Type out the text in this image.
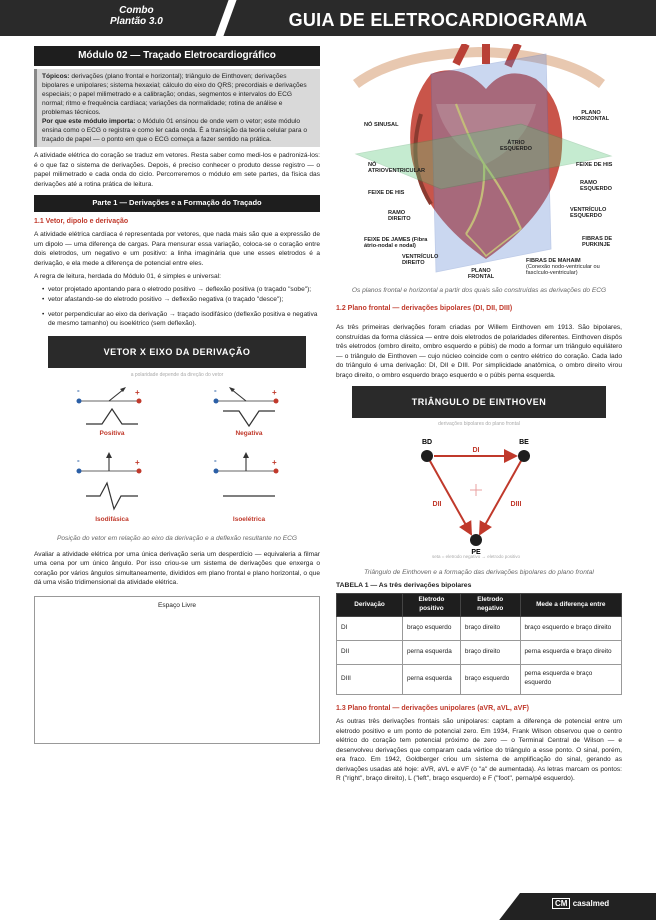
Combo
Plantão 3.0	GUIA DE ELETROCARDIOGRAMA
Módulo 02 — Traçado Eletrocardiográfico
Tópicos: derivações (plano frontal e horizontal); triângulo de Einthoven; derivações bipolares e unipolares; sistema hexaxial; cálculo do eixo do QRS; precordiais e derivações especiais; o papel milimetrado e a calibração; ondas, segmentos e intervalos do ECG normal; ritmo e frequência cardíaca; variações da normalidade; rotina de análise e problemas técnicos.
Por que este módulo importa: o Módulo 01 ensinou de onde vem o vetor; este módulo ensina como o ECG o registra e como ler cada onda. É a transição da teoria celular para o traçado de papel — o ponto em que o ECG começa a fazer sentido na prática.

A atividade elétrica do coração se traduz em vetores. Resta saber como medi-los e padronizá-los: é o que faz o sistema de derivações. Depois, é preciso conhecer o produto desse registro — o papel milimetrado e cada onda do ciclo. Percorreremos o módulo em sete partes, da física das derivações até a rotina prática de leitura.

Parte 1 — Derivações e a Formação do Traçado
1.1 Vetor, dipolo e derivação

A atividade elétrica cardíaca é representada por vetores, que nada mais são que a expressão de um dipolo — uma diferença de cargas. Para mensurar essa variação, coloca-se o coração entre dois eletrodos, um negativo e um positivo: a linha imaginária que une esses eletrodos é a derivação, e ela mede a diferença de potencial entre eles.

A regra de leitura, herdada do Módulo 01, é simples e universal:

• vetor projetado apontando para o eletrodo positivo → deflexão positiva (o traçado "sobe");
• vetor afastando-se do eletrodo positivo → deflexão negativa (o traçado "desce");
• vetor perpendicular ao eixo da derivação → traçado isodifásico (deflexão positiva e negativa de mesmo tamanho) ou isoelétrico (sem deflexão).
VETOR X EIXO DA DERIVAÇÃO
a polaridade depende da direção do vetor
-	+
Positiva
-	+
Negativa
-	+
Isodifásica
-	+
Isoelétrica
Posição do vetor em relação ao eixo da derivação e a deflexão resultante no ECG

Avaliar a atividade elétrica por uma única derivação seria um desperdício — equivaleria a filmar uma cena por um único ângulo. Por isso criou-se um sistema de derivações que enxerga o coração por vários ângulos simultaneamente, divididos em plano frontal e plano horizontal, o que dá uma visão tridimensional da atividade elétrica.

Espaço Livre
NÓ SINUSAL
PLANO HORIZONTAL
ÁTRIO ESQUERDO
NÓ ATRIOVENTRICULAR
FEIXE DE HIS
FEIXE DE HIS
RAMO ESQUERDO
RAMO DIREITO
VENTRÍCULO ESQUERDO
FEIXE DE JAMES (Fibra átrio-nodal e nodal)
VENTRÍCULO DIREITO
FIBRAS DE PURKINJE
PLANO FRONTAL
FIBRAS DE MAHAIM
(Conexão nodo-ventricular ou fascículo-ventricular)
Os planos frontal e horizontal a partir dos quais são construídas as derivações do ECG
1.2 Plano frontal — derivações bipolares (DI, DII, DIII)

As três primeiras derivações foram criadas por Willem Einthoven em 1913. São bipolares, construídas da forma clássica — entre dois eletrodos de polaridades diferentes. Einthoven dispôs três eletrodos (ombro direito, ombro esquerdo e púbis) de modo a formar um triângulo equilátero — o triângulo de Einthoven — cujo núcleo coincide com o centro elétrico do coração. Cada lado do triângulo é uma derivação: DI, DII e DIII. Por simplicidade anatômica, o ombro direito virou braço direito, o ombro esquerdo braço esquerdo e o púbis perna esquerda.

TRIÂNGULO DE EINTHOVEN
derivações bipolares do plano frontal
BD	BE
PE
DI
DII	DIII
seta = eletrodo negativo → eletrodo positivo
Triângulo de Einthoven e a formação das derivações bipolares do plano frontal
TABELA 1 — As três derivações bipolares
Derivação	Eletrodo positivo	Eletrodo negativo	Mede a diferença entre
DI	braço esquerdo	braço direito	braço esquerdo e braço direito
DII	perna esquerda	braço direito	perna esquerda e braço direito
DIII	perna esquerda	braço esquerdo	perna esquerda e braço esquerdo
1.3 Plano frontal — derivações unipolares (aVR, aVL, aVF)

As outras três derivações frontais são unipolares: captam a diferença de potencial entre um eletrodo positivo e um ponto de potencial zero. Em 1934, Frank Wilson observou que o centro elétrico do coração tem potencial próximo de zero — o Terminal Central de Wilson — e desenvolveu derivações que comparam cada vértice do triângulo a esse ponto. O sinal, porém, era fraco. Em 1942, Goldberger criou um sistema de amplificação do sinal, gerando as derivações usadas até hoje: aVR, aVL e aVF (o "a" de aumentada). As letras marcam os pontos: R ("right", braço direito), L ("left", braço esquerdo) e F ("foot", perna/pé esquerdo).

CM casalmed
